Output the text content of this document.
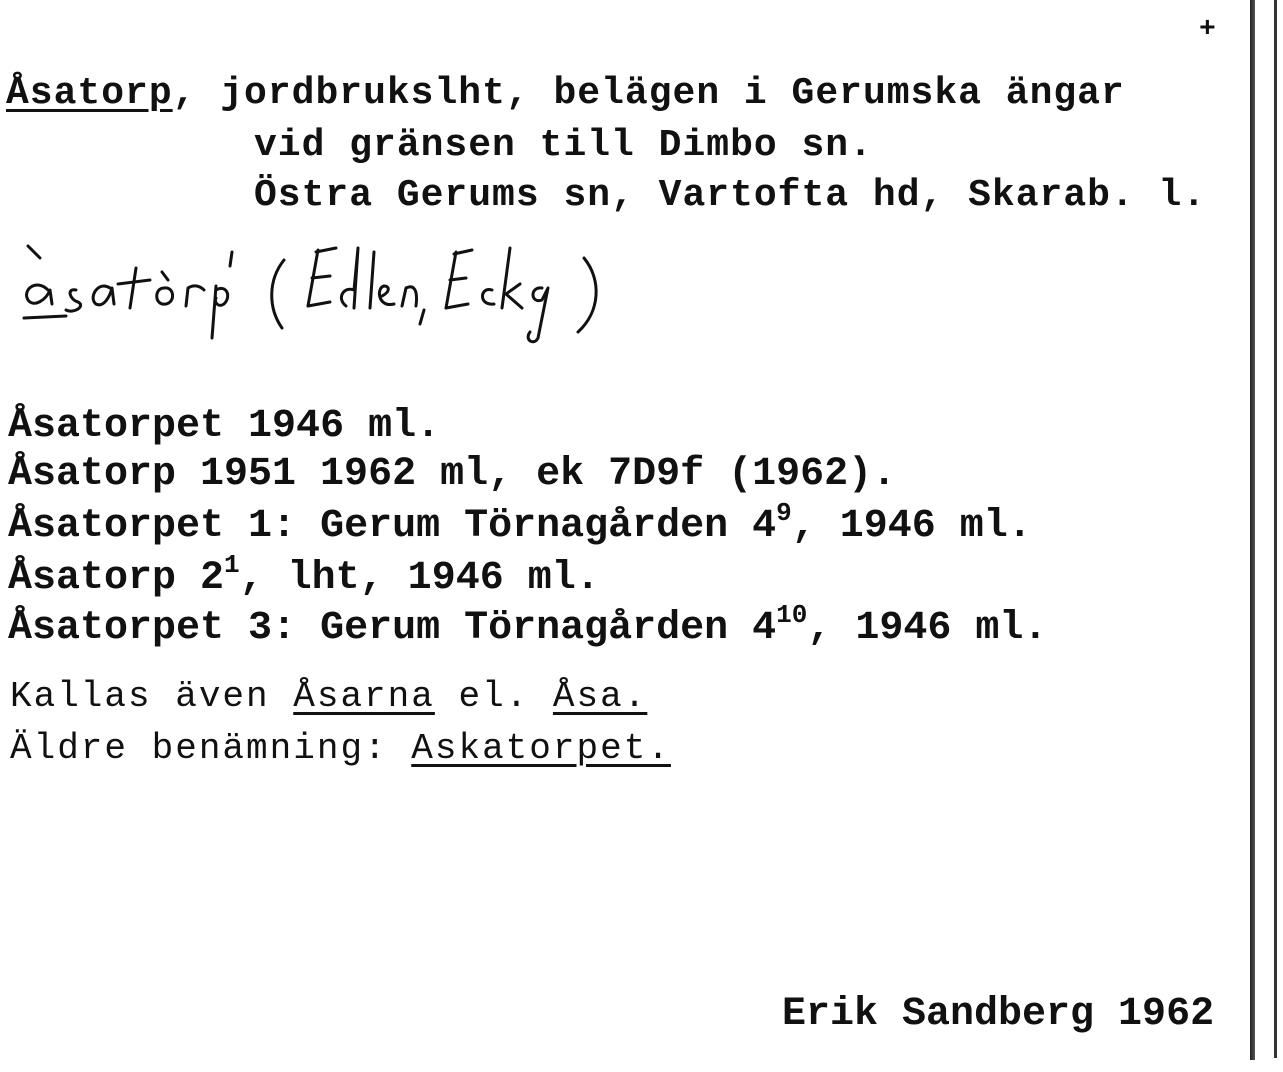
+
Åsatorp, jordbrukslht, belägen i Gerumska ängar
vid gränsen till Dimbo sn.
Östra Gerums sn, Vartofta hd, Skarab. l.
Åsatorpet 1946 ml.
Åsatorp 1951 1962 ml, ek 7D9f (1962).
Åsatorpet 1: Gerum Törnagården $4^9$, 1946 ml.
Åsatorp $2^1$, lht, 1946 ml.
Åsatorpet 3: Gerum Törnagården $4^{10}$, 1946 ml.
Kallas även Åsarna el. Åsa.
Äldre benämning: Askatorpet.
Erik Sandberg 1962
